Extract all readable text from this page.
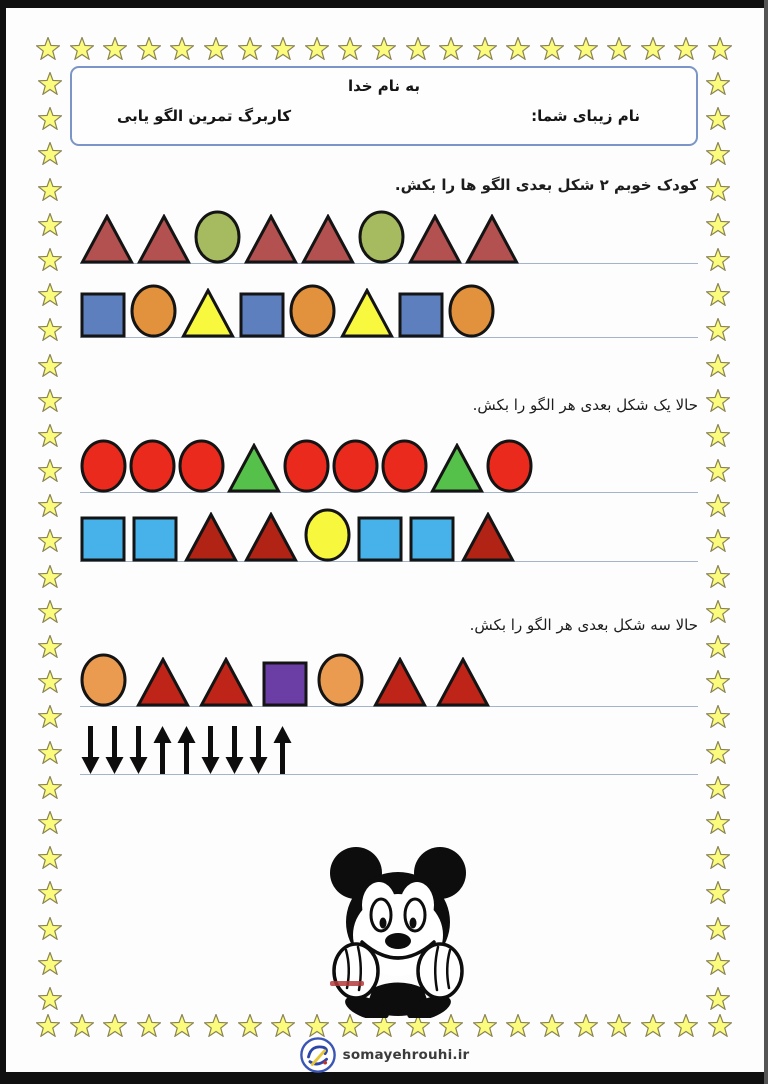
به نام خدا
نام زیبای شما:
کاربرگ تمرین الگو یابی
کودک خوبم ۲ شکل بعدی الگو ها را بکش.
حالا یک شکل بعدی هر الگو را بکش.
حالا سه شکل بعدی هر الگو را بکش.
somayehrouhi.ir
